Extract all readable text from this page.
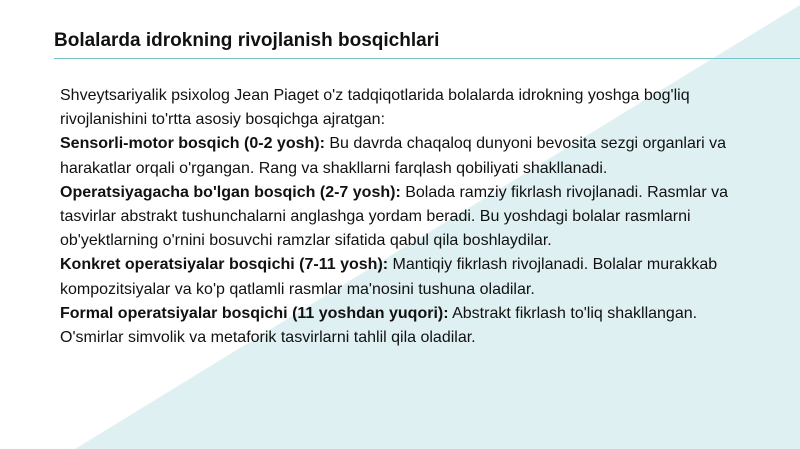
Bolalarda idrokning rivojlanish bosqichlari

Shveytsariyalik psixolog Jean Piaget o'z tadqiqotlarida bolalarda idrokning yoshga bog'liq rivojlanishini to'rtta asosiy bosqichga ajratgan:

Sensorli-motor bosqich (0-2 yosh): Bu davrda chaqaloq dunyoni bevosita sezgi organlari va harakatlar orqali o'rgangan. Rang va shakllarni farqlash qobiliyati shakllanadi.

Operatsiyagacha bo'lgan bosqich (2-7 yosh): Bolada ramziy fikrlash rivojlanadi. Rasmlar va tasvirlar abstrakt tushunchalarni anglashga yordam beradi. Bu yoshdagi bolalar rasmlarni ob'yektlarning o'rnini bosuvchi ramzlar sifatida qabul qila boshlaydilar.

Konkret operatsiyalar bosqichi (7-11 yosh): Mantiqiy fikrlash rivojlanadi. Bolalar murakkab kompozitsiyalar va ko'p qatlamli rasmlar ma'nosini tushuna oladilar.

Formal operatsiyalar bosqichi (11 yoshdan yuqori): Abstrakt fikrlash to'liq shakllangan. O'smirlar simvolik va metaforik tasvirlarni tahlil qila oladilar.
